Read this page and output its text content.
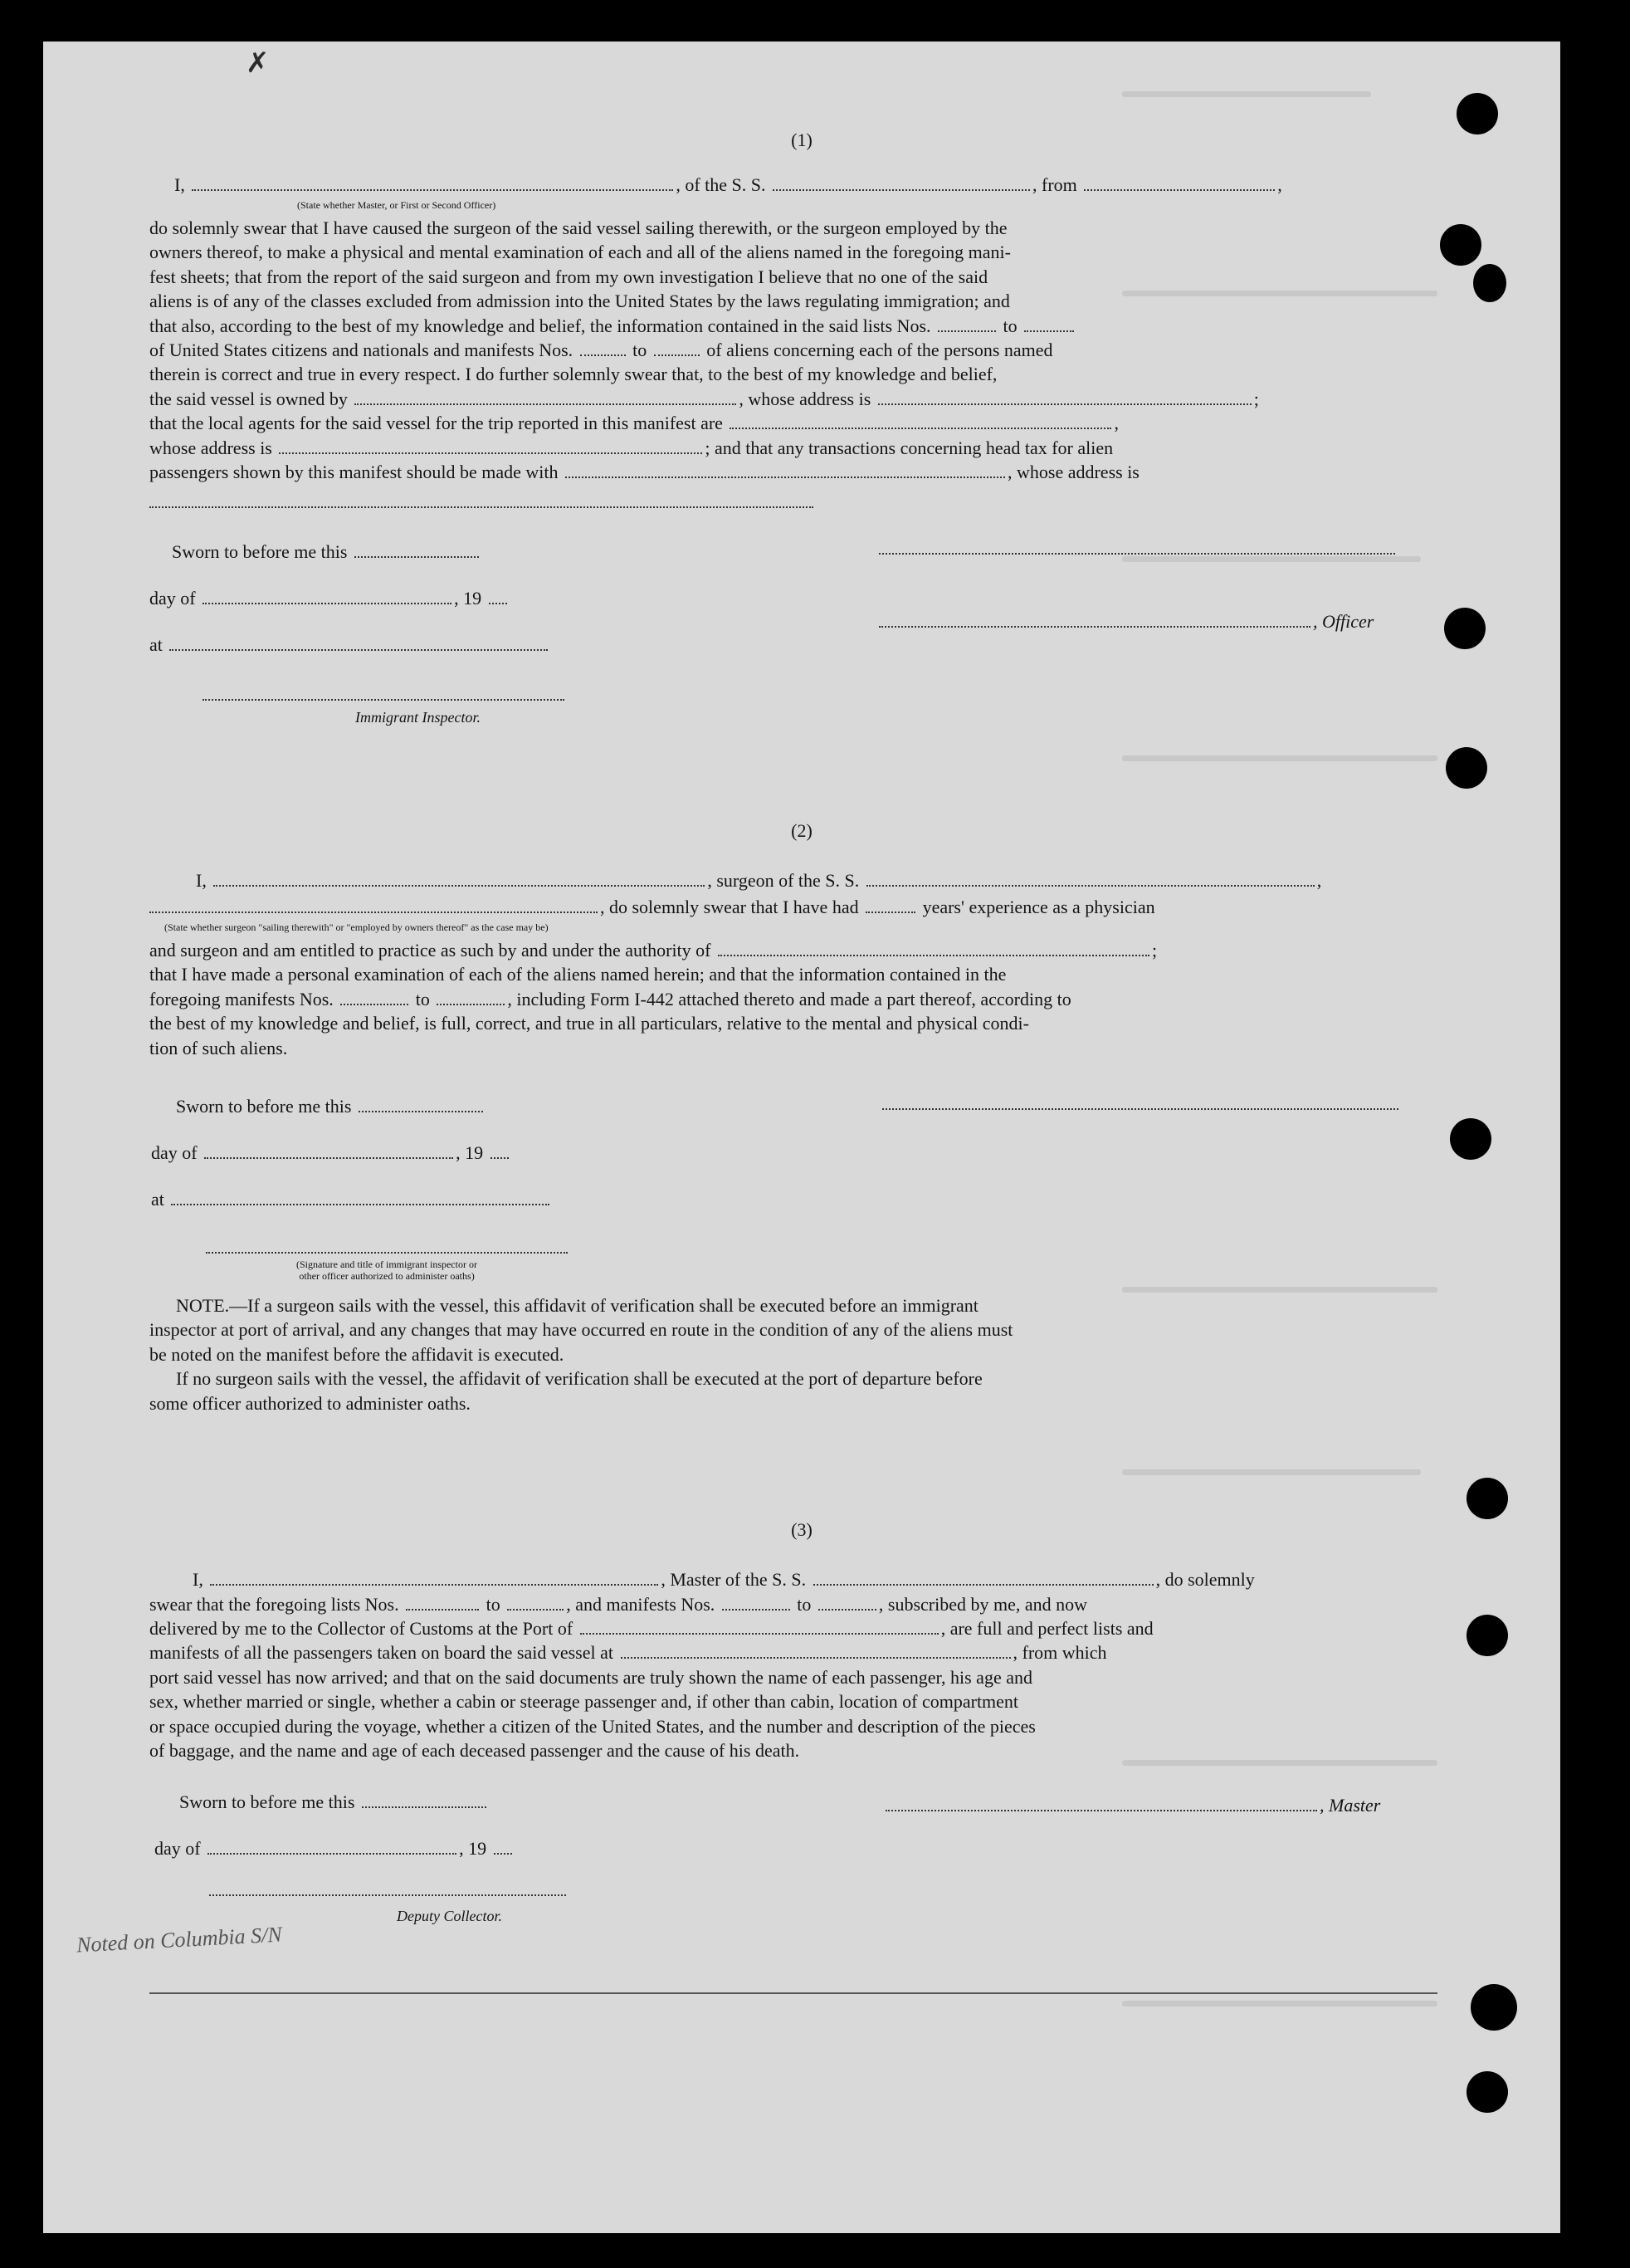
✗
(1)
I,	, of the S. S.	, from	,
(State whether Master, or First or Second Officer)
do solemnly swear that I have caused the surgeon of the said vessel sailing therewith, or the surgeon employed by the
owners thereof, to make a physical and mental examination of each and all of the aliens named in the foregoing mani-
fest sheets; that from the report of the said surgeon and from my own investigation I believe that no one of the said
aliens is of any of the classes excluded from admission into the United States by the laws regulating immigration; and
that also, according to the best of my knowledge and belief, the information contained in the said lists Nos.	to
of United States citizens and nationals and manifests Nos.	to	of aliens concerning each of the persons named
therein is correct and true in every respect. I do further solemnly swear that, to the best of my knowledge and belief,
the said vessel is owned by	, whose address is	;
that the local agents for the said vessel for the trip reported in this manifest are	,
whose address is	; and that any transactions concerning head tax for alien
passengers shown by this manifest should be made with	, whose address is
Sworn to before me this
day of	, 19
at
Immigrant Inspector.
, Officer
(2)
I,	, surgeon of the S. S.	,
, do solemnly swear that I have had	years' experience as a physician
(State whether surgeon "sailing therewith" or "employed by owners thereof" as the case may be)
and surgeon and am entitled to practice as such by and under the authority of	;
that I have made a personal examination of each of the aliens named herein; and that the information contained in the
foregoing manifests Nos.	to	, including Form I-442 attached thereto and made a part thereof, according to
the best of my knowledge and belief, is full, correct, and true in all particulars, relative to the mental and physical condi-
tion of such aliens.
Sworn to before me this
day of	, 19
at
(Signature and title of immigrant inspector or
other officer authorized to administer oaths)
NOTE.—If a surgeon sails with the vessel, this affidavit of verification shall be executed before an immigrant
inspector at port of arrival, and any changes that may have occurred en route in the condition of any of the aliens must
be noted on the manifest before the affidavit is executed.
If no surgeon sails with the vessel, the affidavit of verification shall be executed at the port of departure before
some officer authorized to administer oaths.
(3)
I,	, Master of the S. S.	, do solemnly
swear that the foregoing lists Nos.	to	, and manifests Nos.	to	, subscribed by me, and now
delivered by me to the Collector of Customs at the Port of	, are full and perfect lists and
manifests of all the passengers taken on board the said vessel at	, from which
port said vessel has now arrived; and that on the said documents are truly shown the name of each passenger, his age and
sex, whether married or single, whether a cabin or steerage passenger and, if other than cabin, location of compartment
or space occupied during the voyage, whether a citizen of the United States, and the number and description of the pieces
of baggage, and the name and age of each deceased passenger and the cause of his death.
Sworn to before me this
day of	, 19
Deputy Collector.
, Master
Noted on Columbia S/N
